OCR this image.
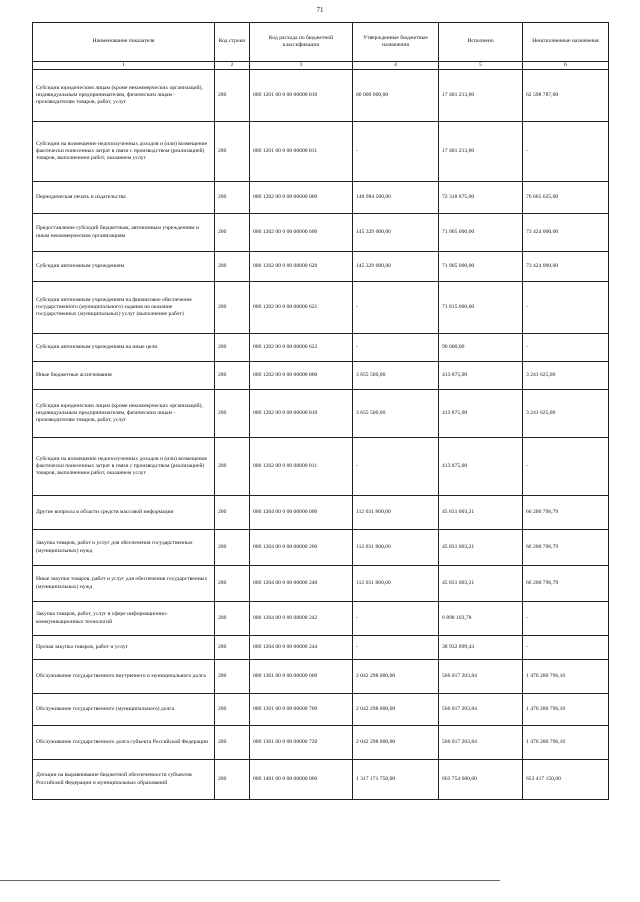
71
Наименование показателя	Код строки	Код расхода по бюджетной классификации	Утвержденные бюджетные назначения	Исполнено	Неисполненные назначения
1	2	3	4	5	6
Субсидии юридическим лицам (кроме некоммерческих организаций), индивидуальным предпринимателям, физическим лицам - производителям товаров, работ, услуг	200	000 1201 00 0 00 00000 810	80 000 000,00	17 401 213,00	62 598 787,00
Субсидии на возмещение недополученных доходов и (или) возмещение фактически понесенных затрат в связи с производством (реализацией) товаров, выполнением работ, оказанием услуг	200	000 1201 00 0 00 00000 811	-	17 401 213,00	-
Периодическая печать и издательства	200	000 1202 00 0 00 00000 000	148 984 500,00	72 318 875,00	76 665 625,00
Предоставление субсидий бюджетным, автономным учреждениям и иным некоммерческим организациям	200	000 1202 00 0 00 00000 600	145 329 000,00	71 905 000,00	73 424 000,00
Субсидии автономным учреждениям	200	000 1202 00 0 00 00000 620	145 329 000,00	71 905 000,00	73 424 000,00
Субсидии автономным учреждениям на финансовое обеспечение государственного (муниципального) задания на оказание государственных (муниципальных) услуг (выполнение работ)	200	000 1202 00 0 00 00000 621	-	71 815 000,00	-
Субсидии автономным учреждениям на иные цели	200	000 1202 00 0 00 00000 622	-	90 000,00	-
Иные бюджетные ассигнования	200	000 1202 00 0 00 00000 800	3 655 500,00	413 875,00	3 241 625,00
Субсидии юридическим лицам (кроме некоммерческих организаций), индивидуальным предпринимателям, физическим лицам - производителям товаров, работ, услуг	200	000 1202 00 0 00 00000 810	3 655 500,00	413 875,00	3 241 625,00
Субсидии на возмещение недополученных доходов и (или) возмещение фактически понесенных затрат в связи с производством (реализацией) товаров, выполнением работ, оказанием услуг	200	000 1202 00 0 00 00000 811	-	413 875,00	-
Другие вопросы в области средств массовой информации	200	000 1204 00 0 00 00000 000	112 031 800,00	45 831 003,21	66 200 796,79
Закупка товаров, работ и услуг для обеспечения государственных (муниципальных) нужд	200	000 1204 00 0 00 00000 200	112 031 800,00	45 831 003,21	66 200 796,79
Иные закупки товаров, работ и услуг для обеспечения государственных (муниципальных) нужд	200	000 1204 00 0 00 00000 240	112 031 800,00	45 831 003,21	66 200 796,79
Закупка товаров, работ, услуг в сфере информационно-коммуникационных технологий	200	000 1204 00 0 00 00000 242	-	6 898 103,78	-
Прочая закупка товаров, работ и услуг	200	000 1204 00 0 00 00000 244	-	38 932 899,43	-
Обслуживание государственного внутреннего и муниципального долга	200	000 1301 00 0 00 00000 000	2 042 298 000,00	566 017 203,84	1 476 280 796,16
Обслуживание государственного (муниципального) долга	200	000 1301 00 0 00 00000 700	2 042 298 000,00	566 017 203,84	1 476 280 796,16
Обслуживание государственного долга субъекта Российской Федерации	200	000 1301 00 0 00 00000 720	2 042 298 000,00	566 017 203,84	1 476 280 796,16
Дотации на выравнивание бюджетной обеспеченности субъектов Российской Федерации и муниципальных образований	200	000 1401 00 0 00 00000 000	1 317 171 750,00	663 754 600,00	653 417 150,00
